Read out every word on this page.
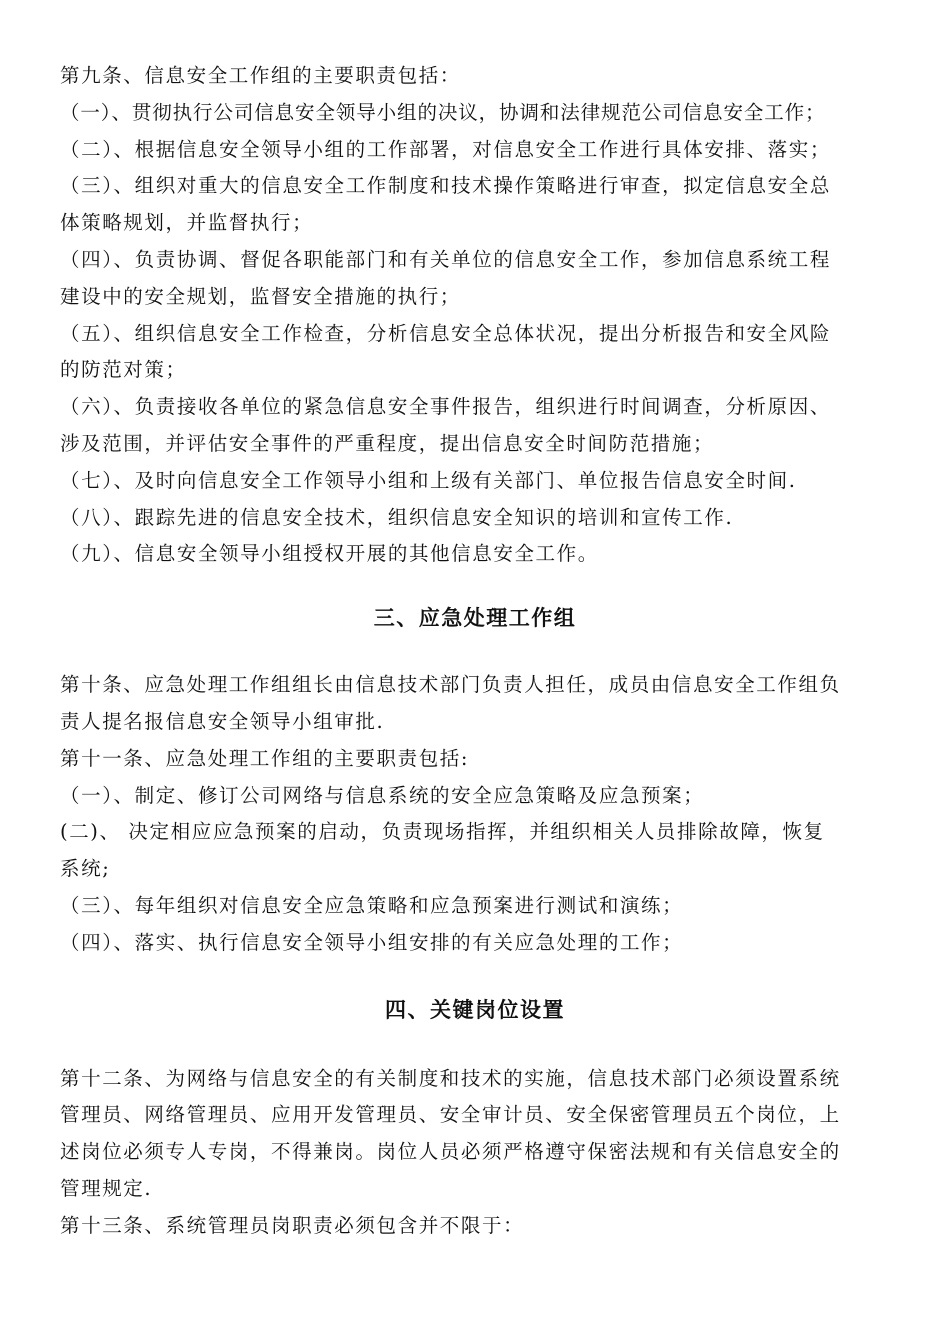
第九条、信息安全工作组的主要职责包括：
（一）、贯彻执行公司信息安全领导小组的决议，协调和法律规范公司信息安全工作；
（二）、根据信息安全领导小组的工作部署，对信息安全工作进行具体安排、落实；
（三）、组织对重大的信息安全工作制度和技术操作策略进行审查，拟定信息安全总
体策略规划，并监督执行；
（四）、负责协调、督促各职能部门和有关单位的信息安全工作，参加信息系统工程
建设中的安全规划，监督安全措施的执行；
（五）、组织信息安全工作检查，分析信息安全总体状况，提出分析报告和安全风险
的防范对策；
（六）、负责接收各单位的紧急信息安全事件报告，组织进行时间调查，分析原因、
涉及范围，并评估安全事件的严重程度，提出信息安全时间防范措施；
（七）、及时向信息安全工作领导小组和上级有关部门、单位报告信息安全时间.
（八）、跟踪先进的信息安全技术，组织信息安全知识的培训和宣传工作.
（九）、信息安全领导小组授权开展的其他信息安全工作。
三、应急处理工作组
第十条、应急处理工作组组长由信息技术部门负责人担任，成员由信息安全工作组负
责人提名报信息安全领导小组审批.
第十一条、应急处理工作组的主要职责包括:
（一）、制定、修订公司网络与信息系统的安全应急策略及应急预案；
(二)、 决定相应应急预案的启动，负责现场指挥，并组织相关人员排除故障，恢复
系统;
（三）、每年组织对信息安全应急策略和应急预案进行测试和演练；
（四）、落实、执行信息安全领导小组安排的有关应急处理的工作；
四、关键岗位设置
第十二条、为网络与信息安全的有关制度和技术的实施，信息技术部门必须设置系统
管理员、网络管理员、应用开发管理员、安全审计员、安全保密管理员五个岗位，上
述岗位必须专人专岗，不得兼岗。岗位人员必须严格遵守保密法规和有关信息安全的
管理规定.
第十三条、系统管理员岗职责必须包含并不限于：
